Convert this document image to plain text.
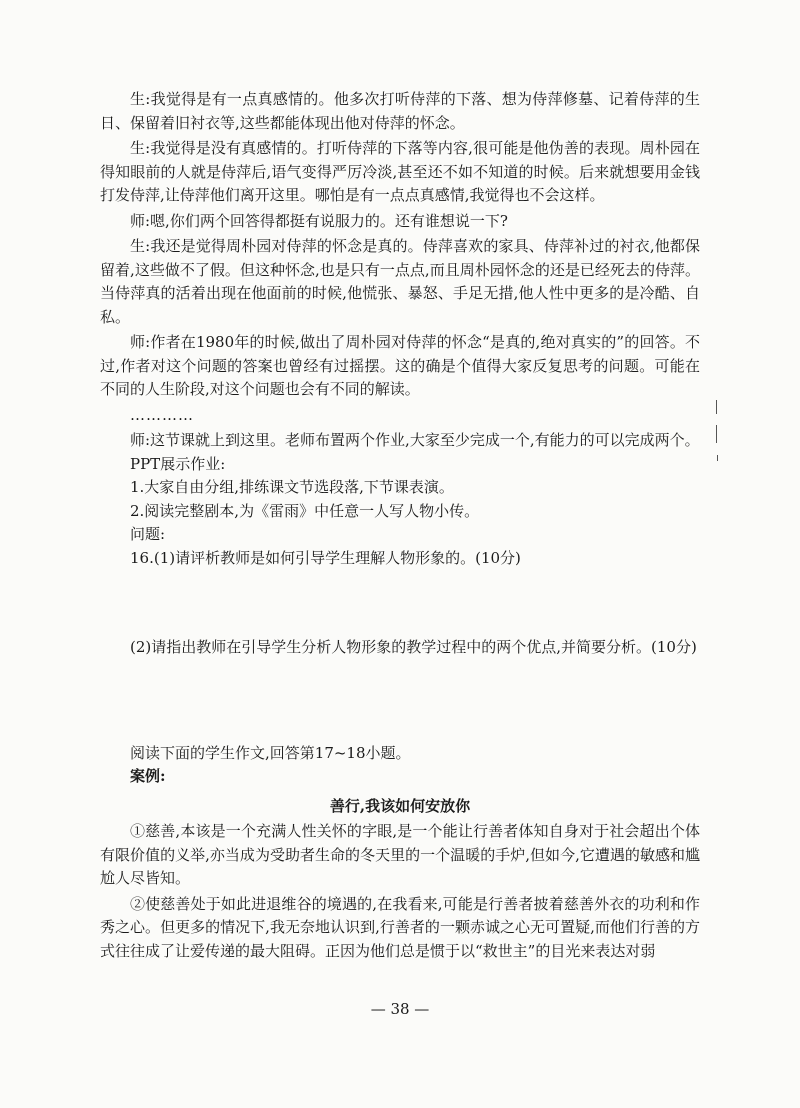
生:我觉得是有一点真感情的。他多次打听侍萍的下落、想为侍萍修墓、记着侍萍的生日、保留着旧衬衣等,这些都能体现出他对侍萍的怀念。

生:我觉得是没有真感情的。打听侍萍的下落等内容,很可能是他伪善的表现。周朴园在得知眼前的人就是侍萍后,语气变得严厉冷淡,甚至还不如不知道的时候。后来就想要用金钱打发侍萍,让侍萍他们离开这里。哪怕是有一点点真感情,我觉得也不会这样。

师:嗯,你们两个回答得都挺有说服力的。还有谁想说一下?

生:我还是觉得周朴园对侍萍的怀念是真的。侍萍喜欢的家具、侍萍补过的衬衣,他都保留着,这些做不了假。但这种怀念,也是只有一点点,而且周朴园怀念的还是已经死去的侍萍。当侍萍真的活着出现在他面前的时候,他慌张、暴怒、手足无措,他人性中更多的是冷酷、自私。

师:作者在1980年的时候,做出了周朴园对侍萍的怀念“是真的,绝对真实的”的回答。不过,作者对这个问题的答案也曾经有过摇摆。这的确是个值得大家反复思考的问题。可能在不同的人生阶段,对这个问题也会有不同的解读。

…………

师:这节课就上到这里。老师布置两个作业,大家至少完成一个,有能力的可以完成两个。

PPT展示作业:

1.大家自由分组,排练课文节选段落,下节课表演。

2.阅读完整剧本,为《雷雨》中任意一人写人物小传。

问题:

16.(1)请评析教师是如何引导学生理解人物形象的。(10分)

(2)请指出教师在引导学生分析人物形象的教学过程中的两个优点,并简要分析。(10分)

阅读下面的学生作文,回答第17~18小题。

案例:

善行,我该如何安放你

①慈善,本该是一个充满人性关怀的字眼,是一个能让行善者体知自身对于社会超出个体有限价值的义举,亦当成为受助者生命的冬天里的一个温暖的手炉,但如今,它遭遇的敏感和尴尬人尽皆知。

②使慈善处于如此进退维谷的境遇的,在我看来,可能是行善者披着慈善外衣的功利和作秀之心。但更多的情况下,我无奈地认识到,行善者的一颗赤诚之心无可置疑,而他们行善的方式往往成了让爱传递的最大阻碍。正因为他们总是惯于以“救世主”的目光来表达对弱

— 38 —
